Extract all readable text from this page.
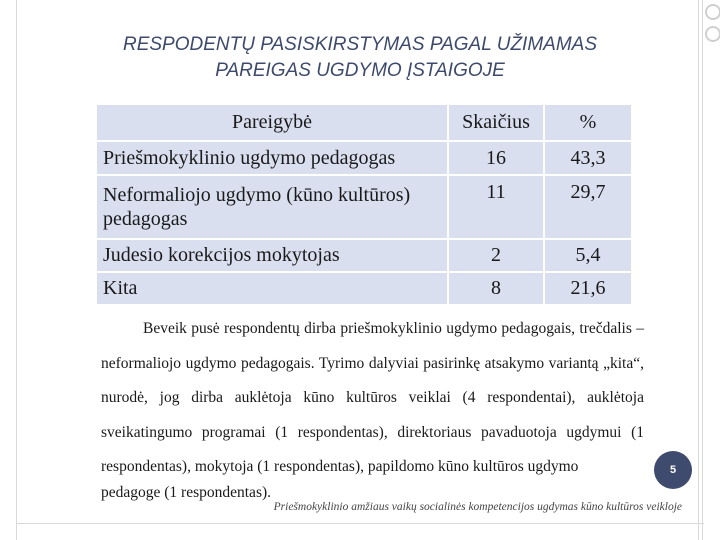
RESPODENTŲ PASISKIRSTYMAS PAGAL UŽIMAMAS
PAREIGAS UGDYMO ĮSTAIGOJE
Pareigybė	Skaičius	%
Priešmokyklinio ugdymo pedagogas	16	43,3
Neformaliojo ugdymo (kūno kultūros) pedagogas	11	29,7
Judesio korekcijos mokytojas	2	5,4
Kita	8	21,6
Beveik pusė respondentų dirba priešmokyklinio ugdymo pedagogais, trečdalis – neformaliojo ugdymo pedagogais. Tyrimo dalyviai pasirinkę atsakymo variantą „kita“, nurodė, jog dirba auklėtoja kūno kultūros veiklai (4 respondentai), auklėtoja sveikatingumo programai (1 respondentas), direktoriaus pavaduotoja ugdymui (1 respondentas), mokytoja (1 respondentas), papildomo kūno kultūros ugdymo
pedagoge (1 respondentas).
5
Priešmokyklinio amžiaus vaikų socialinės kompetencijos ugdymas kūno kultūros veikloje
